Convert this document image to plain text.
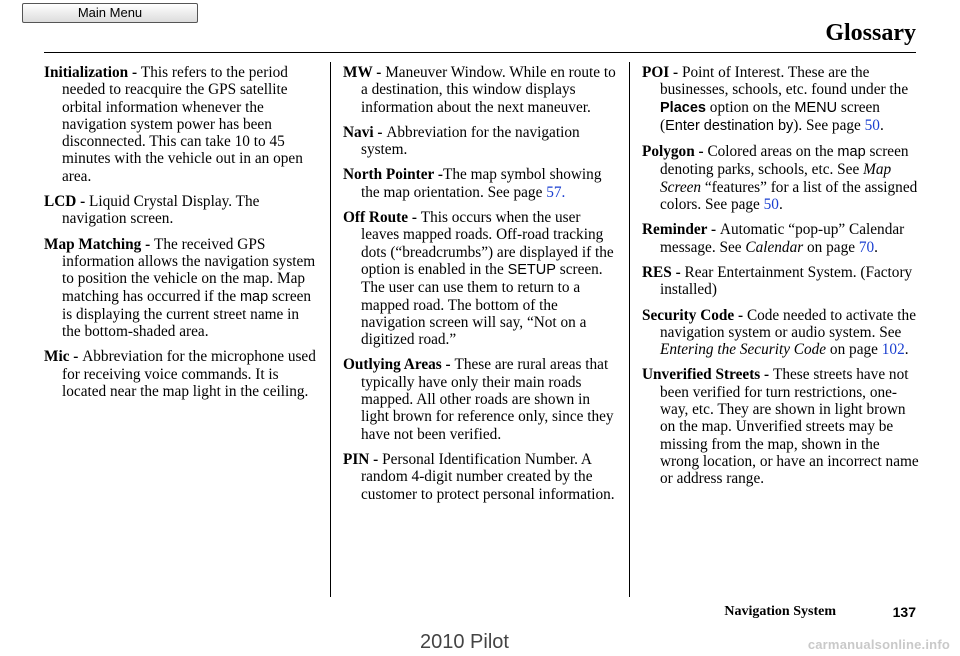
Main Menu
Glossary

Initialization - This refers to the period needed to reacquire the GPS satellite orbital information whenever the navigation system power has been disconnected. This can take 10 to 45 minutes with the vehicle out in an open area.

LCD - Liquid Crystal Display. The navigation screen.

Map Matching - The received GPS information allows the navigation system to position the vehicle on the map. Map matching has occurred if the map screen is displaying the current street name in the bottom-shaded area.

Mic - Abbreviation for the microphone used for receiving voice commands. It is located near the map light in the ceiling.

MW - Maneuver Window. While en route to a destination, this window displays information about the next maneuver.

Navi - Abbreviation for the navigation system.

North Pointer -The map symbol showing the map orientation. See page 57.

Off Route - This occurs when the user leaves mapped roads. Off-road tracking dots (“breadcrumbs”) are displayed if the option is enabled in the SETUP screen. The user can use them to return to a mapped road. The bottom of the navigation screen will say, “Not on a digitized road.”

Outlying Areas - These are rural areas that typically have only their main roads mapped. All other roads are shown in light brown for reference only, since they have not been verified.

PIN - Personal Identification Number. A random 4-digit number created by the customer to protect personal information.

POI - Point of Interest. These are the businesses, schools, etc. found under the Places option on the MENU screen (Enter destination by). See page 50.

Polygon - Colored areas on the map screen denoting parks, schools, etc. See Map Screen “features” for a list of the assigned colors. See page 50.

Reminder - Automatic “pop-up” Calendar message. See Calendar on page 70.

RES - Rear Entertainment System. (Factory installed)

Security Code - Code needed to activate the navigation system or audio system. See Entering the Security Code on page 102.

Unverified Streets - These streets have not been verified for turn restrictions, one-way, etc. They are shown in light brown on the map. Unverified streets may be missing from the map, shown in the wrong location, or have an incorrect name or address range.

Navigation System	137
2010 Pilot	carmanualsonline.info
